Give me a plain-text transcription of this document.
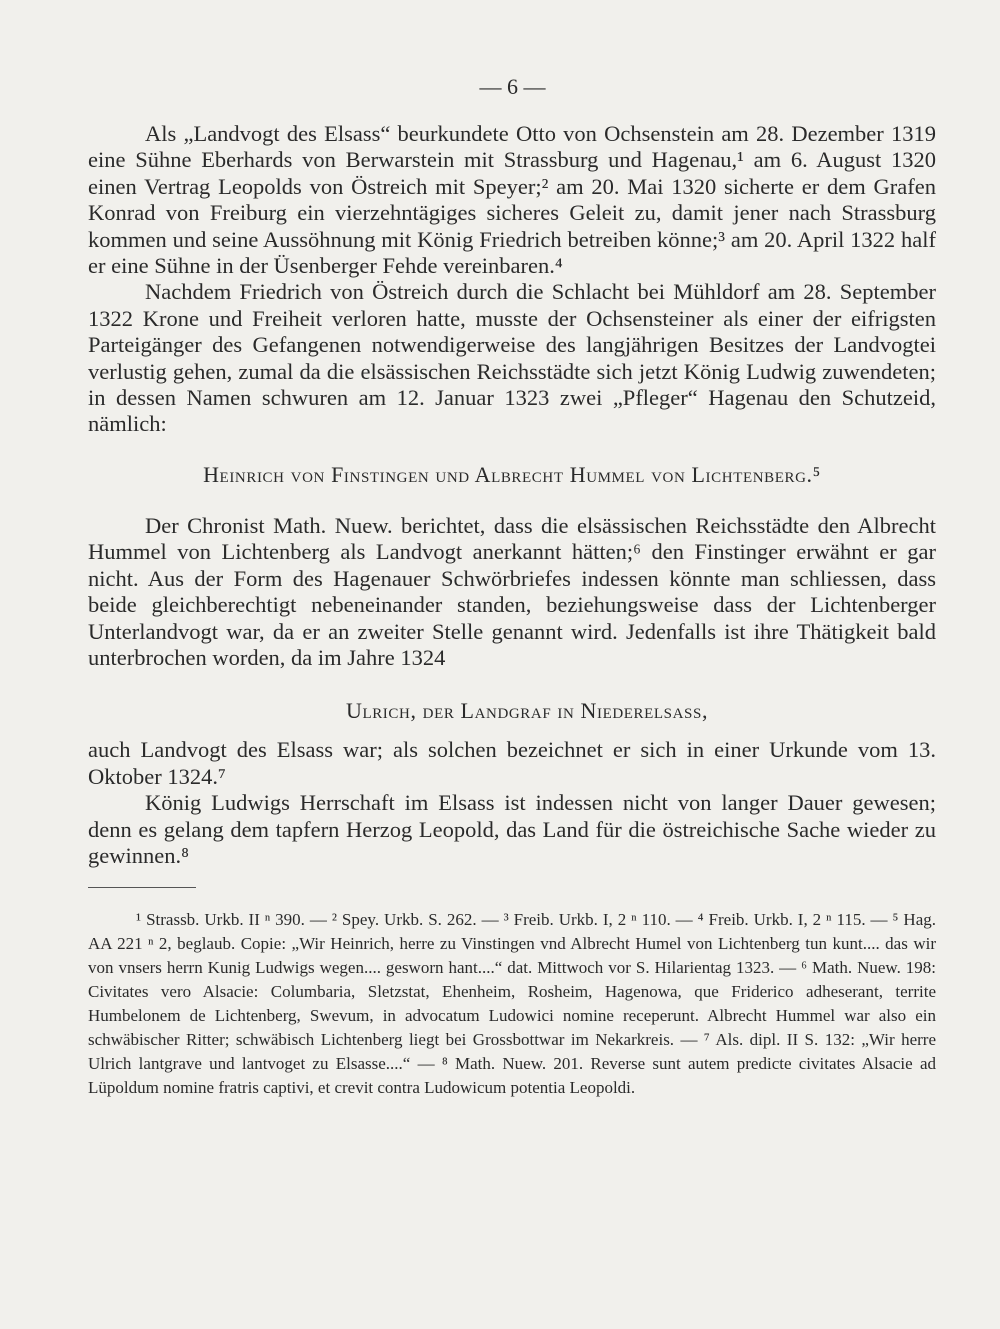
— 6 —

Als „Landvogt des Elsass“ beurkundete Otto von Ochsenstein am 28. Dezember 1319 eine Sühne Eberhards von Berwarstein mit Strassburg und Hagenau,¹ am 6. August 1320 einen Vertrag Leopolds von Östreich mit Speyer;² am 20. Mai 1320 sicherte er dem Grafen Konrad von Freiburg ein vierzehntägiges sicheres Geleit zu, damit jener nach Strassburg kommen und seine Aussöhnung mit König Friedrich betreiben könne;³ am 20. April 1322 half er eine Sühne in der Üsenberger Fehde vereinbaren.⁴

Nachdem Friedrich von Östreich durch die Schlacht bei Mühldorf am 28. September 1322 Krone und Freiheit verloren hatte, musste der Ochsensteiner als einer der eifrigsten Parteigänger des Gefangenen notwendigerweise des langjährigen Besitzes der Landvogtei verlustig gehen, zumal da die elsässischen Reichsstädte sich jetzt König Ludwig zuwendeten; in dessen Namen schwuren am 12. Januar 1323 zwei „Pfleger“ Hagenau den Schutzeid, nämlich:

Heinrich von Finstingen und Albrecht Hummel von Lichtenberg.⁵

Der Chronist Math. Nuew. berichtet, dass die elsässischen Reichsstädte den Albrecht Hummel von Lichtenberg als Landvogt anerkannt hätten;⁶ den Finstinger erwähnt er gar nicht. Aus der Form des Hagenauer Schwörbriefes indessen könnte man schliessen, dass beide gleichberechtigt nebeneinander standen, beziehungsweise dass der Lichtenberger Unterlandvogt war, da er an zweiter Stelle genannt wird. Jedenfalls ist ihre Thätigkeit bald unterbrochen worden, da im Jahre 1324

Ulrich, der Landgraf in Niederelsass,

auch Landvogt des Elsass war; als solchen bezeichnet er sich in einer Urkunde vom 13. Oktober 1324.⁷

König Ludwigs Herrschaft im Elsass ist indessen nicht von langer Dauer gewesen; denn es gelang dem tapfern Herzog Leopold, das Land für die östreichische Sache wieder zu gewinnen.⁸

¹ Strassb. Urkb. II ⁿ 390. — ² Spey. Urkb. S. 262. — ³ Freib. Urkb. I, 2 ⁿ 110. — ⁴ Freib. Urkb. I, 2 ⁿ 115. — ⁵ Hag. AA 221 ⁿ 2, beglaub. Copie: „Wir Heinrich, herre zu Vinstingen vnd Albrecht Humel von Lichtenberg tun kunt.... das wir von vnsers herrn Kunig Ludwigs wegen.... gesworn hant....“ dat. Mittwoch vor S. Hilarientag 1323. — ⁶ Math. Nuew. 198: Civitates vero Alsacie: Columbaria, Sletzstat, Ehenheim, Rosheim, Hagenowa, que Friderico adheserant, territe Humbelonem de Lichtenberg, Swevum, in advocatum Ludowici nomine receperunt. Albrecht Hummel war also ein schwäbischer Ritter; schwäbisch Lichtenberg liegt bei Grossbottwar im Nekarkreis. — ⁷ Als. dipl. II S. 132: „Wir herre Ulrich lantgrave und lantvoget zu Elsasse....“ — ⁸ Math. Nuew. 201. Reverse sunt autem predicte civitates Alsacie ad Lüpoldum nomine fratris captivi, et crevit contra Ludowicum potentia Leopoldi.
